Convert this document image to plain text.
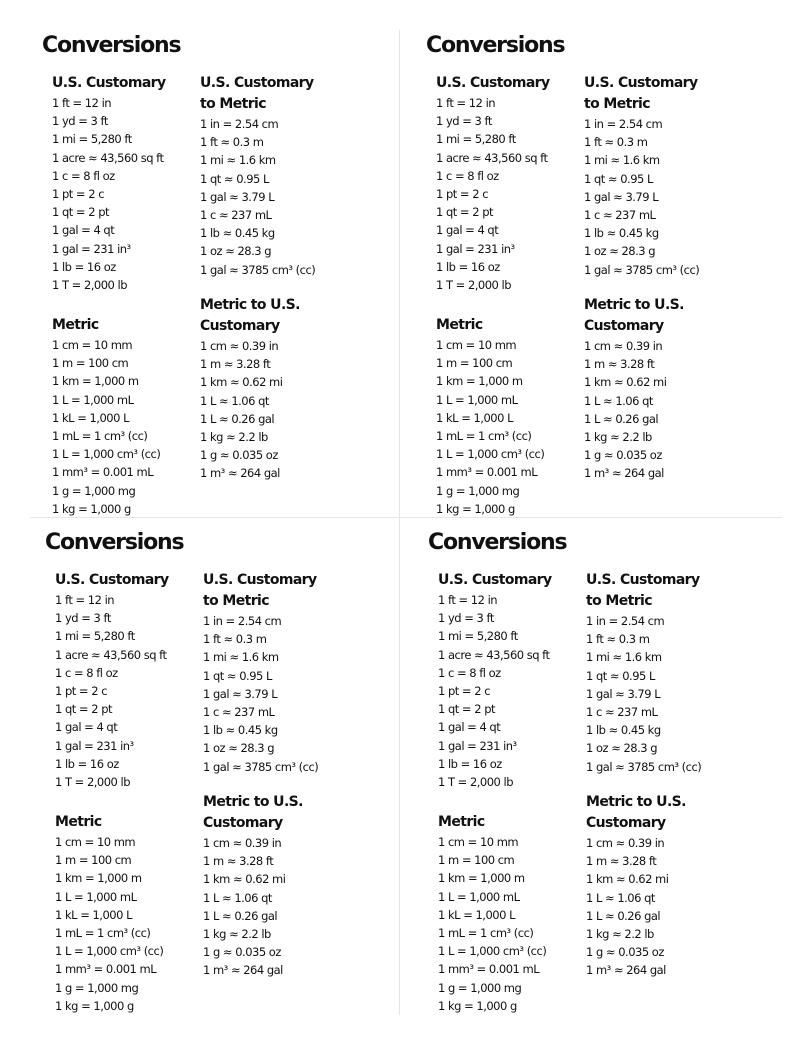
Conversions
U.S. Customary
1 ft = 12 in
1 yd = 3 ft
1 mi = 5,280 ft
1 acre ≈ 43,560 sq ft
1 c = 8 fl oz
1 pt = 2 c
1 qt = 2 pt
1 gal = 4 qt
1 gal = 231 in³
1 lb = 16 oz
1 T = 2,000 lb
U.S. Customary
to Metric
1 in = 2.54 cm
1 ft ≈ 0.3 m
1 mi ≈ 1.6 km
1 qt ≈ 0.95 L
1 gal ≈ 3.79 L
1 c ≈ 237 mL
1 lb ≈ 0.45 kg
1 oz ≈ 28.3 g
1 gal ≈ 3785 cm³ (cc)
Metric
1 cm = 10 mm
1 m = 100 cm
1 km = 1,000 m
1 L = 1,000 mL
1 kL = 1,000 L
1 mL = 1 cm³ (cc)
1 L = 1,000 cm³ (cc)
1 mm³ = 0.001 mL
1 g = 1,000 mg
1 kg = 1,000 g
Metric to U.S.
Customary
1 cm ≈ 0.39 in
1 m ≈ 3.28 ft
1 km ≈ 0.62 mi
1 L ≈ 1.06 qt
1 L ≈ 0.26 gal
1 kg ≈ 2.2 lb
1 g ≈ 0.035 oz
1 m³ ≈ 264 gal
Conversions
U.S. Customary
1 ft = 12 in
1 yd = 3 ft
1 mi = 5,280 ft
1 acre ≈ 43,560 sq ft
1 c = 8 fl oz
1 pt = 2 c
1 qt = 2 pt
1 gal = 4 qt
1 gal = 231 in³
1 lb = 16 oz
1 T = 2,000 lb
U.S. Customary
to Metric
1 in = 2.54 cm
1 ft ≈ 0.3 m
1 mi ≈ 1.6 km
1 qt ≈ 0.95 L
1 gal ≈ 3.79 L
1 c ≈ 237 mL
1 lb ≈ 0.45 kg
1 oz ≈ 28.3 g
1 gal ≈ 3785 cm³ (cc)
Metric
1 cm = 10 mm
1 m = 100 cm
1 km = 1,000 m
1 L = 1,000 mL
1 kL = 1,000 L
1 mL = 1 cm³ (cc)
1 L = 1,000 cm³ (cc)
1 mm³ = 0.001 mL
1 g = 1,000 mg
1 kg = 1,000 g
Metric to U.S.
Customary
1 cm ≈ 0.39 in
1 m ≈ 3.28 ft
1 km ≈ 0.62 mi
1 L ≈ 1.06 qt
1 L ≈ 0.26 gal
1 kg ≈ 2.2 lb
1 g ≈ 0.035 oz
1 m³ ≈ 264 gal
Conversions
U.S. Customary
1 ft = 12 in
1 yd = 3 ft
1 mi = 5,280 ft
1 acre ≈ 43,560 sq ft
1 c = 8 fl oz
1 pt = 2 c
1 qt = 2 pt
1 gal = 4 qt
1 gal = 231 in³
1 lb = 16 oz
1 T = 2,000 lb
U.S. Customary
to Metric
1 in = 2.54 cm
1 ft ≈ 0.3 m
1 mi ≈ 1.6 km
1 qt ≈ 0.95 L
1 gal ≈ 3.79 L
1 c ≈ 237 mL
1 lb ≈ 0.45 kg
1 oz ≈ 28.3 g
1 gal ≈ 3785 cm³ (cc)
Metric
1 cm = 10 mm
1 m = 100 cm
1 km = 1,000 m
1 L = 1,000 mL
1 kL = 1,000 L
1 mL = 1 cm³ (cc)
1 L = 1,000 cm³ (cc)
1 mm³ = 0.001 mL
1 g = 1,000 mg
1 kg = 1,000 g
Metric to U.S.
Customary
1 cm ≈ 0.39 in
1 m ≈ 3.28 ft
1 km ≈ 0.62 mi
1 L ≈ 1.06 qt
1 L ≈ 0.26 gal
1 kg ≈ 2.2 lb
1 g ≈ 0.035 oz
1 m³ ≈ 264 gal
Conversions
U.S. Customary
1 ft = 12 in
1 yd = 3 ft
1 mi = 5,280 ft
1 acre ≈ 43,560 sq ft
1 c = 8 fl oz
1 pt = 2 c
1 qt = 2 pt
1 gal = 4 qt
1 gal = 231 in³
1 lb = 16 oz
1 T = 2,000 lb
U.S. Customary
to Metric
1 in = 2.54 cm
1 ft ≈ 0.3 m
1 mi ≈ 1.6 km
1 qt ≈ 0.95 L
1 gal ≈ 3.79 L
1 c ≈ 237 mL
1 lb ≈ 0.45 kg
1 oz ≈ 28.3 g
1 gal ≈ 3785 cm³ (cc)
Metric
1 cm = 10 mm
1 m = 100 cm
1 km = 1,000 m
1 L = 1,000 mL
1 kL = 1,000 L
1 mL = 1 cm³ (cc)
1 L = 1,000 cm³ (cc)
1 mm³ = 0.001 mL
1 g = 1,000 mg
1 kg = 1,000 g
Metric to U.S.
Customary
1 cm ≈ 0.39 in
1 m ≈ 3.28 ft
1 km ≈ 0.62 mi
1 L ≈ 1.06 qt
1 L ≈ 0.26 gal
1 kg ≈ 2.2 lb
1 g ≈ 0.035 oz
1 m³ ≈ 264 gal
